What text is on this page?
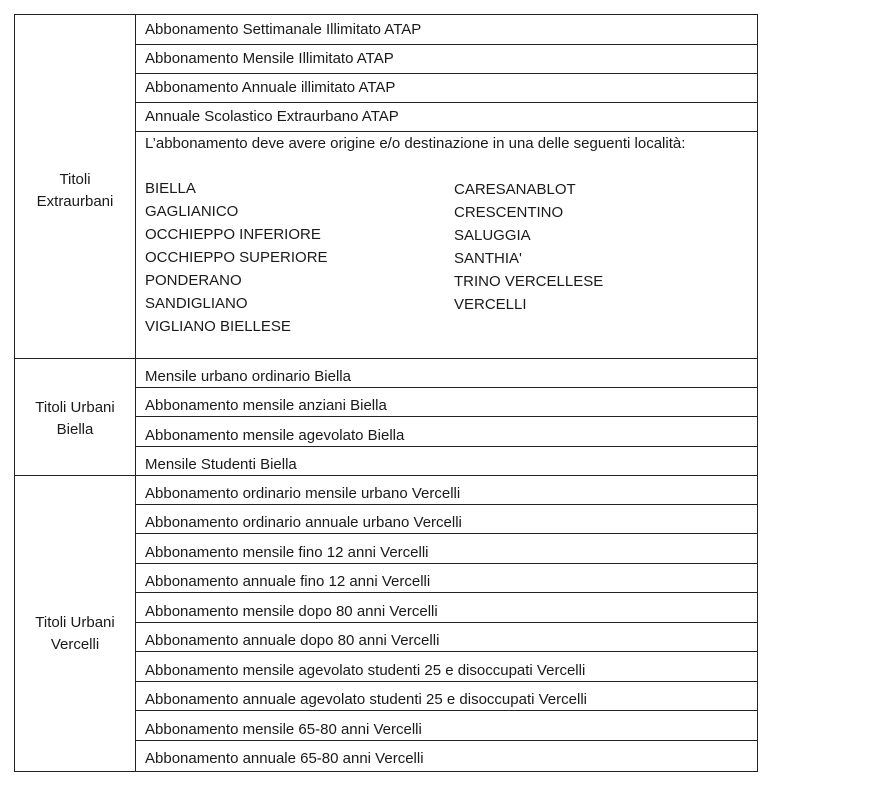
Titoli
Extraurbani
Titoli Urbani
Biella
Titoli Urbani
Vercelli
Abbonamento Settimanale Illimitato ATAP
Abbonamento Mensile Illimitato ATAP
Abbonamento Annuale illimitato ATAP
Annuale Scolastico Extraurbano ATAP
L’abbonamento deve avere origine e/o destinazione in una delle seguenti località:
BIELLA
GAGLIANICO
OCCHIEPPO INFERIORE
OCCHIEPPO SUPERIORE
PONDERANO
SANDIGLIANO
VIGLIANO BIELLESE
CARESANABLOT
CRESCENTINO
SALUGGIA
SANTHIA'
TRINO VERCELLESE
VERCELLI
Mensile urbano ordinario Biella
Abbonamento mensile anziani Biella
Abbonamento mensile agevolato Biella
Mensile Studenti Biella
Abbonamento ordinario mensile urbano Vercelli
Abbonamento ordinario annuale urbano Vercelli
Abbonamento mensile fino 12 anni Vercelli
Abbonamento annuale fino 12 anni Vercelli
Abbonamento mensile dopo 80 anni Vercelli
Abbonamento annuale dopo 80 anni Vercelli
Abbonamento mensile agevolato studenti 25 e disoccupati Vercelli
Abbonamento annuale agevolato studenti 25 e disoccupati Vercelli
Abbonamento mensile 65-80 anni Vercelli
Abbonamento annuale 65-80 anni Vercelli
